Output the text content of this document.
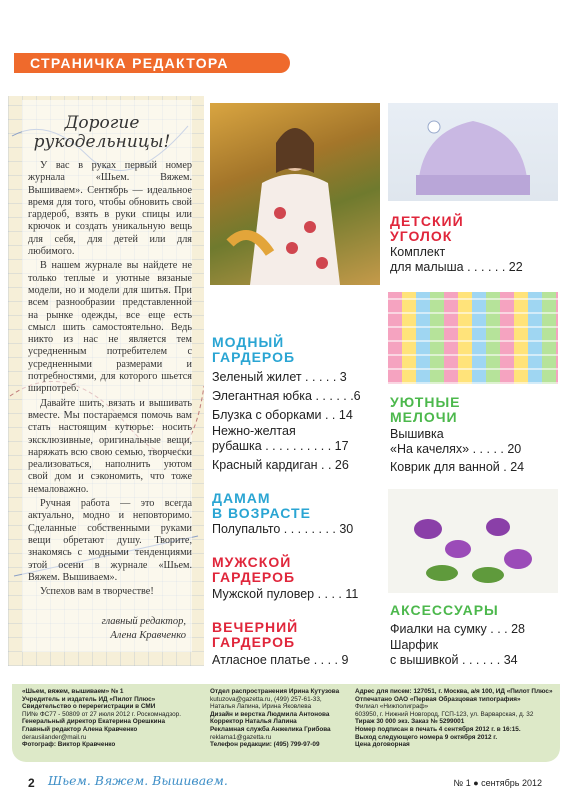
СТРАНИЧКА РЕДАКТОРА
Дорогие рукодельницы!

У вас в руках первый номер журнала «Шьем. Вяжем. Вышиваем». Сентябрь — идеальное время для того, чтобы обновить свой гардероб, взять в руки спицы или крючок и создать уникальную вещь для себя, для детей или для любимого.

В нашем журнале вы найдете не только теплые и уютные вязаные модели, но и модели для шитья. При всем разнообразии представленной на рынке одежды, все еще есть смысл шить самостоятельно. Ведь никто из нас не является тем усредненным потребителем с усредненными размерами и потребностями, для которого шьется ширпотреб.

Давайте шить, вязать и вышивать вместе. Мы постараемся помочь вам стать настоящим кутюрье: носить эксклюзивные, оригинальные вещи, наряжать всю свою семью, творчески реализоваться, наполнить уютом свой дом и сэкономить, что тоже немаловажно.

Ручная работа — это всегда актуально, модно и неповторимо. Сделанные собственными руками вещи обретают душу. Творите, знакомясь с модными тенденциями этой осени в журнале «Шьем. Вяжем. Вышиваем».

Успехов вам в творчестве!

главный редактор,
Алена Кравченко
МОДНЫЙ
ГАРДЕРОБ
Зеленый жилет . . . . . 3
Элегантная юбка . . . . . .6
Блузка с оборками . . 14
Нежно-желтая
рубашка . . . . . . . . . . 17
Красный кардиган . . 26
ДАМАМ
В ВОЗРАСТЕ
Полупальто . . . . . . . . 30
МУЖСКОЙ
ГАРДЕРОБ
Мужской пуловер . . . . 11
ВЕЧЕРНИЙ
ГАРДЕРОБ
Атласное платье . . . . 9
ДЕТСКИЙ
УГОЛОК
Комплект
для малыша . . . . . . 22
УЮТНЫЕ
МЕЛОЧИ
Вышивка
«На качелях» . . . . . 20
Коврик для ванной . 24
АКСЕССУАРЫ
Фиалки на сумку . . . 28
Шарфик
с вышивкой . . . . . . 34
«Шьем, вяжем, вышиваем» № 1
Учредитель и издатель ИД «Пилот Плюс»
Свидетельство о перерегистрации в СМИ
ПИ№ ФС77 - 50809 от 27 июля 2012 г. Роскомнадзор.
Генеральный директор Екатерина Орешкина
Главный редактор Алена Кравченко
derausilander@mail.ru
Фотограф: Виктор Кравченко
Отдел распространения Ирина Кутузова
kutuzova@gazetta.ru, (499) 257-61-33,
Наталья Лапина, Ирина Яковлева
Дизайн и верстка Людмила Антонова
Корректор Наталья Лапина
Рекламная служба Анжелика Грибова
reklama1@gazetta.ru
Телефон редакции: (495) 799-97-09
Адрес для писем: 127051, г. Москва, а/я 100, ИД «Пилот Плюс»
Отпечатано ОАО «Первая Образцовая типография»
Филиал «Нижполиграф»
603950, г. Нижний Новгород, ГСП-123, ул. Варварская, д. 32
Тираж 30 000 экз. Заказ № 5299001
Номер подписан в печать 4 сентября 2012 г. в 16:15.
Выход следующего номера 9 октября 2012 г.
Цена договорная
2 Шьем. Вяжем. Вышиваем.	№ 1 ● сентябрь 2012
